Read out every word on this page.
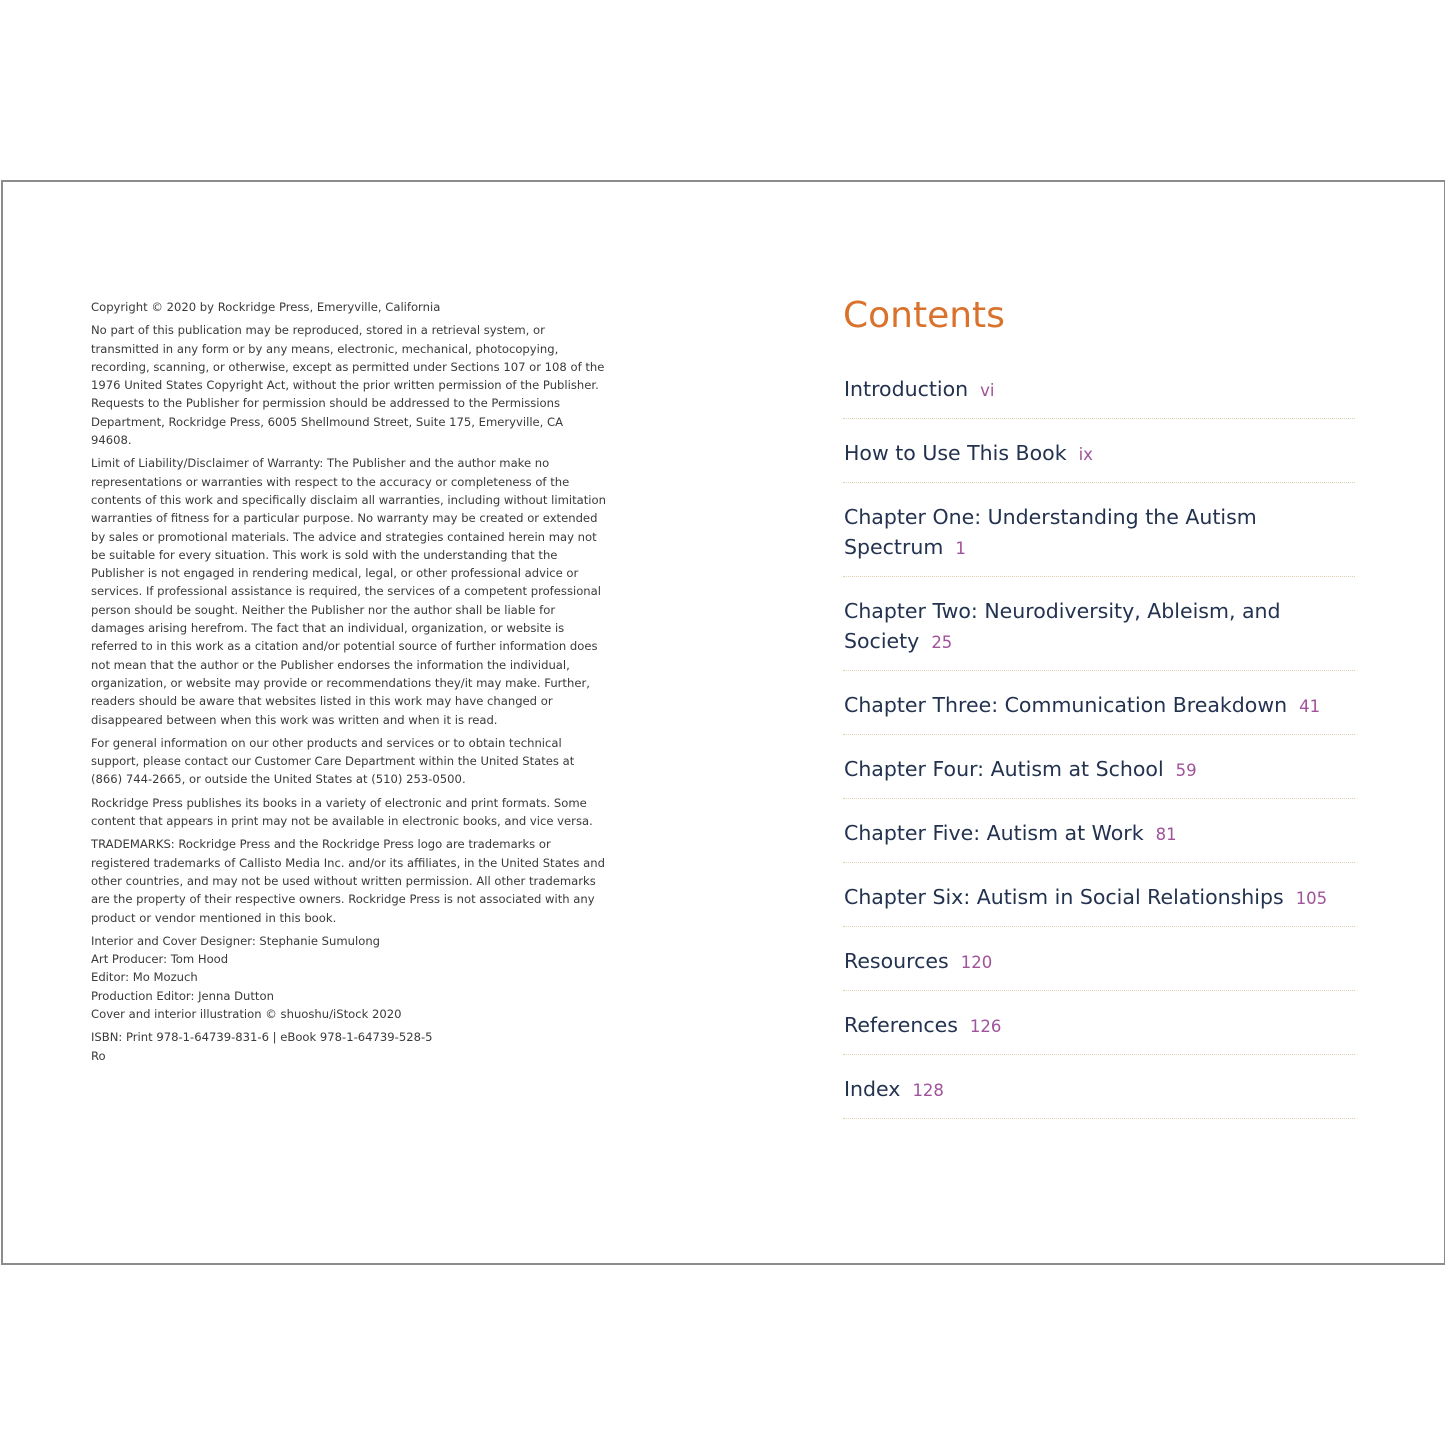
Copyright © 2020 by Rockridge Press, Emeryville, California

No part of this publication may be reproduced, stored in a retrieval system, or transmitted in any form or by any means, electronic, mechanical, photocopying, recording, scanning, or otherwise, except as permitted under Sections 107 or 108 of the 1976 United States Copyright Act, without the prior written permission of the Publisher. Requests to the Publisher for permission should be addressed to the Permissions Department, Rockridge Press, 6005 Shellmound Street, Suite 175, Emeryville, CA 94608.

Limit of Liability/Disclaimer of Warranty: The Publisher and the author make no representations or warranties with respect to the accuracy or completeness of the contents of this work and specifically disclaim all warranties, including without limitation warranties of fitness for a particular purpose. No warranty may be created or extended by sales or promotional materials. The advice and strategies contained herein may not be suitable for every situation. This work is sold with the understanding that the Publisher is not engaged in rendering medical, legal, or other professional advice or services. If professional assistance is required, the services of a competent professional person should be sought. Neither the Publisher nor the author shall be liable for damages arising herefrom. The fact that an individual, organization, or website is referred to in this work as a citation and/or potential source of further information does not mean that the author or the Publisher endorses the information the individual, organization, or website may provide or recommendations they/it may make. Further, readers should be aware that websites listed in this work may have changed or disappeared between when this work was written and when it is read.

For general information on our other products and services or to obtain technical support, please contact our Customer Care Department within the United States at (866) 744-2665, or outside the United States at (510) 253-0500.

Rockridge Press publishes its books in a variety of electronic and print formats. Some content that appears in print may not be available in electronic books, and vice versa.

TRADEMARKS: Rockridge Press and the Rockridge Press logo are trademarks or registered trademarks of Callisto Media Inc. and/or its affiliates, in the United States and other countries, and may not be used without written permission. All other trademarks are the property of their respective owners. Rockridge Press is not associated with any product or vendor mentioned in this book.

Interior and Cover Designer: Stephanie Sumulong

Art Producer: Tom Hood

Editor: Mo Mozuch

Production Editor: Jenna Dutton

Cover and interior illustration © shuoshu/iStock 2020

ISBN: Print 978-1-64739-831-6 | eBook 978-1-64739-528-5

Ro

Contents
Introduction vi
How to Use This Book ix
Chapter One: Understanding the Autism Spectrum 1
Chapter Two: Neurodiversity, Ableism, and Society 25
Chapter Three: Communication Breakdown 41
Chapter Four: Autism at School 59
Chapter Five: Autism at Work 81
Chapter Six: Autism in Social Relationships 105
Resources 120
References 126
Index 128
